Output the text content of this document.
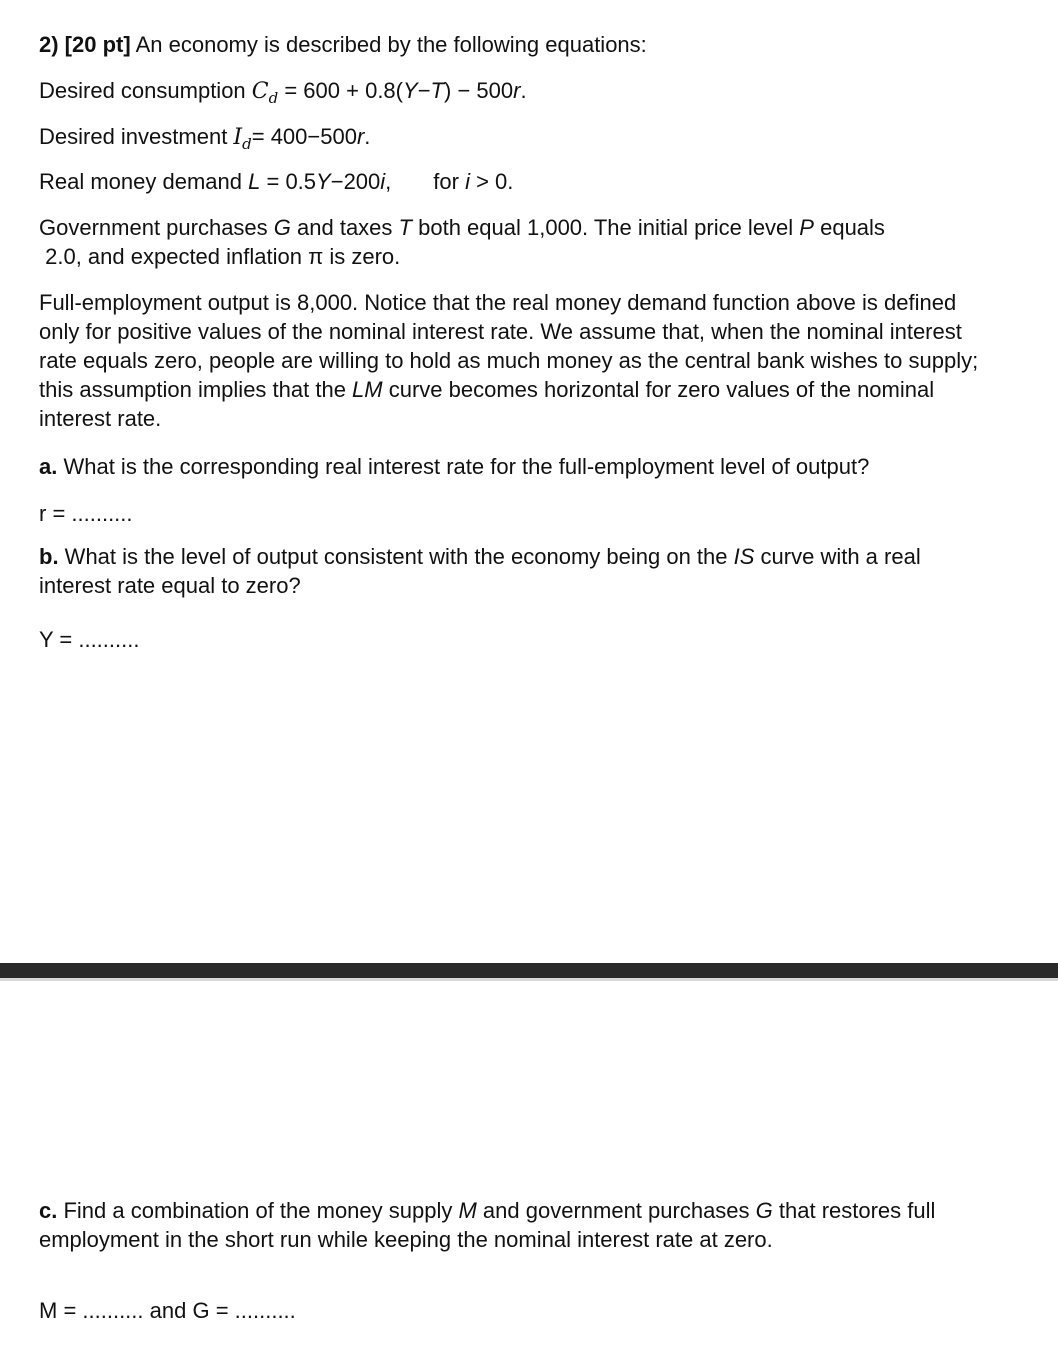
2) [20 pt] An economy is described by the following equations:
Desired consumption $C_d = 600 + 0.8(Y-T) - 500r$.
Desired investment $I_d= 400-500r$.
Real money demand L = 0.5Y−200i, for i > 0.
Government purchases G and taxes T both equal 1,000. The initial price level P equals
2.0, and expected inflation π is zero.
Full-employment output is 8,000. Notice that the real money demand function above is defined only for positive values of the nominal interest rate. We assume that, when the nominal interest rate equals zero, people are willing to hold as much money as the central bank wishes to supply; this assumption implies that the LM curve becomes horizontal for zero values of the nominal interest rate.
a. What is the corresponding real interest rate for the full-employment level of output?
r = ..........
b. What is the level of output consistent with the economy being on the IS curve with a real interest rate equal to zero?
Y = ..........
c. Find a combination of the money supply M and government purchases G that restores full employment in the short run while keeping the nominal interest rate at zero.
M = .......... and G = ..........
